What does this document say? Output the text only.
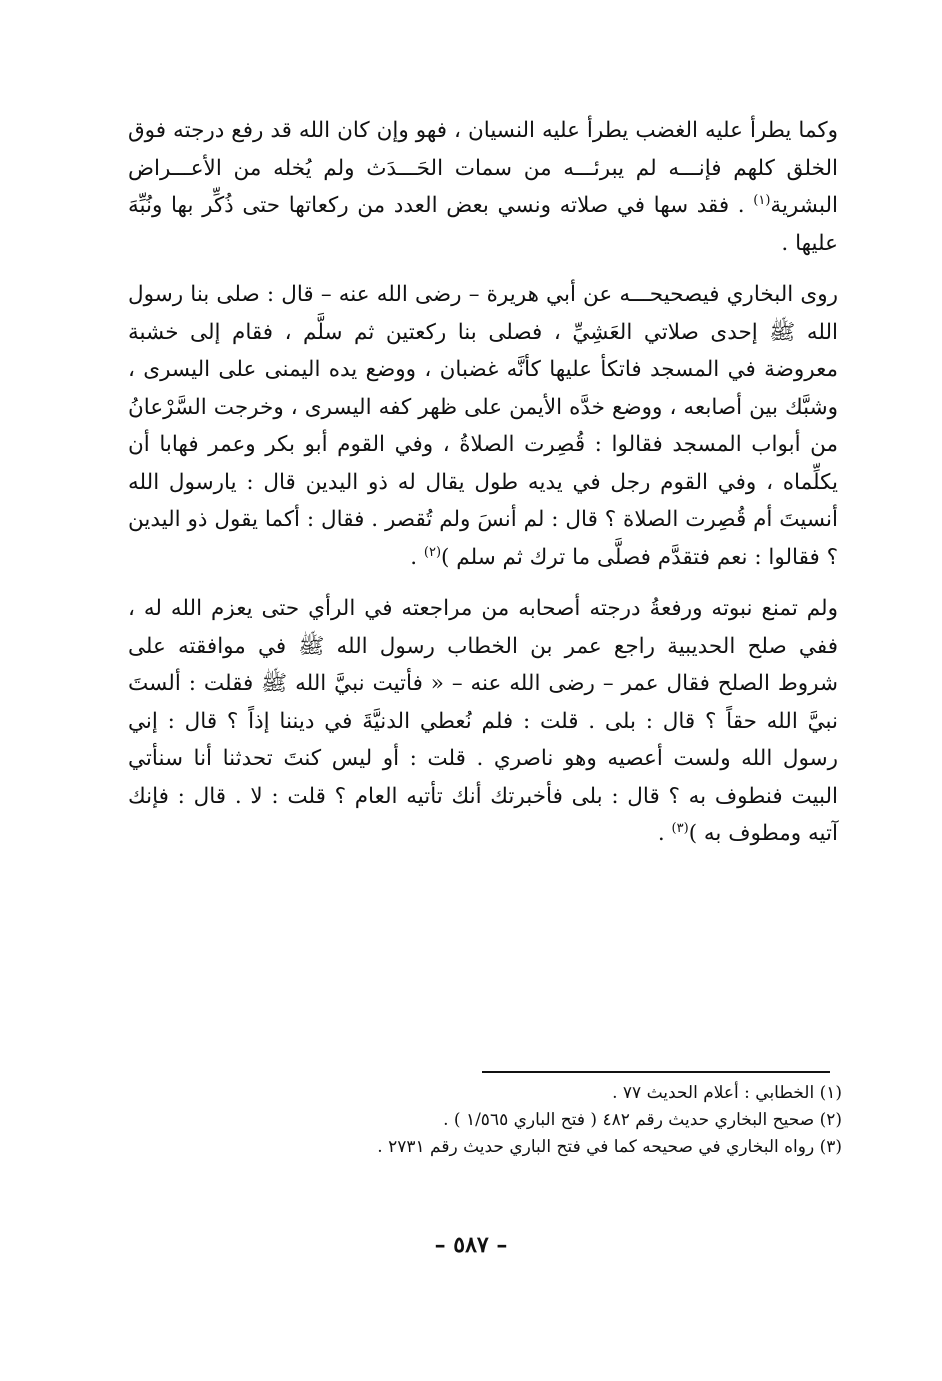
وكما يطرأ عليه الغضب يطرأ عليه النسيان ، فهو وإن كان الله قد رفع درجته فوق الخلق كلهم فإنـــه لم يبرئـــه من سمات الحَـــدَث ولم يُخله من الأعـــراض البشرية$^{(١)}$ . فقد سها في صلاته ونسي بعض العدد من ركعاتها حتى ذُكِّر بها ونُبِّهَ عليها .

روى البخاري فيصحيحـــه عن أبي هريرة – رضى الله عنه – قال : صلى بنا رسول الله ﷺ إحدى صلاتي العَشِيِّ ، فصلى بنا ركعتين ثم سلَّم ، فقام إلى خشبة معروضة في المسجد فاتكأ عليها كأنَّه غضبان ، ووضع يده اليمنى على اليسرى ، وشبَّك بين أصابعه ، ووضع خدَّه الأيمن على ظهر كفه اليسرى ، وخرجت السَّرْعانُ من أبواب المسجد فقالوا : قُصِرت الصلاةُ ، وفي القوم أبو بكر وعمر فهابا أن يكلِّماه ، وفي القوم رجل في يديه طول يقال له ذو اليدين قال : يارسول الله أنسيتَ أم قُصِرت الصلاة ؟ قال : لم أنسَ ولم تُقصر . فقال : أكما يقول ذو اليدين ؟ فقالوا : نعم فتقدَّم فصلَّى ما ترك ثم سلم )$^{(٢)}$ .

ولم تمنع نبوته ورفعةُ درجته أصحابه من مراجعته في الرأي حتى يعزم الله له ، ففي صلح الحديبية راجع عمر بن الخطاب رسول الله ﷺ في موافقته على شروط الصلح فقال عمر – رضى الله عنه – « فأتيت نبيَّ الله ﷺ فقلت : ألستَ نبيَّ الله حقاً ؟ قال : بلى . قلت : فلم نُعطي الدنيَّةَ في ديننا إذاً ؟ قال : إني رسول الله ولست أعصيه وهو ناصري . قلت : أو ليس كنتَ تحدثنا أنا سنأتي البيت فنطوف به ؟ قال : بلى فأخبرتك أنك تأتيه العام ؟ قلت : لا . قال : فإنك آتيه ومطوف به )$^{(٣)}$ .

(١) الخطابي : أعلام الحديث ٧٧ .
(٢) صحيح البخاري حديث رقم ٤٨٢ ( فتح الباري ١/٥٦٥ ) .
(٣) رواه البخاري في صحيحه كما في فتح الباري حديث رقم ٢٧٣١ .
– ٥٨٧ –
